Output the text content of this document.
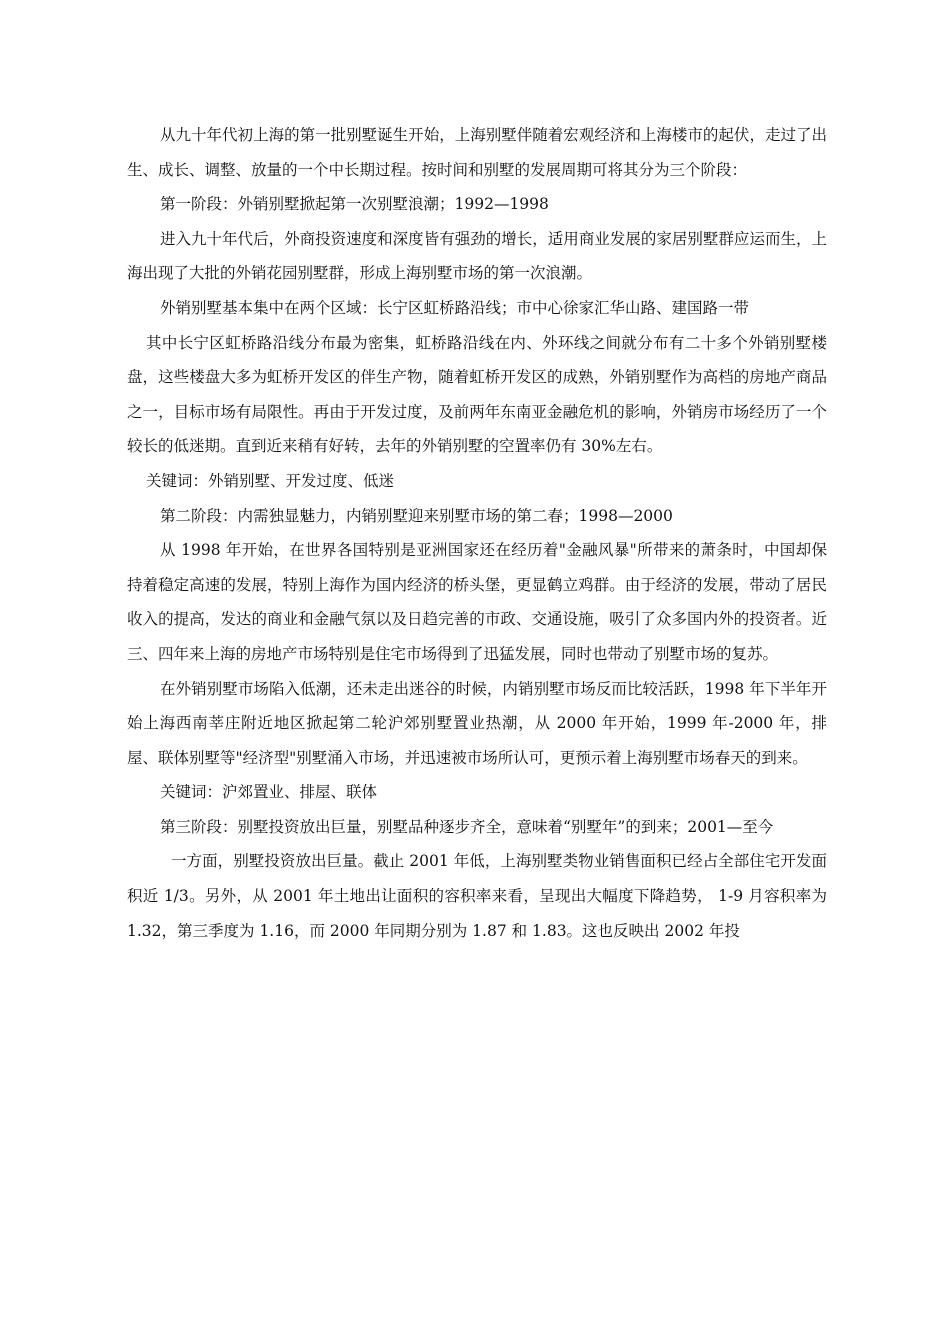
从九十年代初上海的第一批别墅诞生开始，上海别墅伴随着宏观经济和上海楼市的起伏，走过了出生、成长、调整、放量的一个中长期过程。按时间和别墅的发展周期可将其分为三个阶段：

第一阶段：外销别墅掀起第一次别墅浪潮；1992—1998

进入九十年代后，外商投资速度和深度皆有强劲的增长，适用商业发展的家居别墅群应运而生，上海出现了大批的外销花园别墅群，形成上海别墅市场的第一次浪潮。

外销别墅基本集中在两个区域：长宁区虹桥路沿线；市中心徐家汇华山路、建国路一带

其中长宁区虹桥路沿线分布最为密集，虹桥路沿线在内、外环线之间就分布有二十多个外销别墅楼盘，这些楼盘大多为虹桥开发区的伴生产物，随着虹桥开发区的成熟，外销别墅作为高档的房地产商品之一，目标市场有局限性。再由于开发过度，及前两年东南亚金融危机的影响，外销房市场经历了一个较长的低迷期。直到近来稍有好转，去年的外销别墅的空置率仍有 30%左右。

关键词：外销别墅、开发过度、低迷

第二阶段：内需独显魅力，内销别墅迎来别墅市场的第二春；1998—2000

从 1998 年开始，在世界各国特别是亚洲国家还在经历着"金融风暴"所带来的萧条时，中国却保持着稳定高速的发展，特别上海作为国内经济的桥头堡，更显鹤立鸡群。由于经济的发展，带动了居民收入的提高，发达的商业和金融气氛以及日趋完善的市政、交通设施，吸引了众多国内外的投资者。近三、四年来上海的房地产市场特别是住宅市场得到了迅猛发展，同时也带动了别墅市场的复苏。

在外销别墅市场陷入低潮，还未走出迷谷的时候，内销别墅市场反而比较活跃，1998 年下半年开始上海西南莘庄附近地区掀起第二轮沪郊别墅置业热潮，从 2000 年开始，1999 年-2000 年，排屋、联体别墅等"经济型"别墅涌入市场，并迅速被市场所认可，更预示着上海别墅市场春天的到来。

关键词：沪郊置业、排屋、联体

第三阶段：别墅投资放出巨量，别墅品种逐步齐全，意味着“别墅年”的到来；2001—至今

一方面，别墅投资放出巨量。截止 2001 年低，上海别墅类物业销售面积已经占全部住宅开发面积近 1/3。另外，从 2001 年土地出让面积的容积率来看，呈现出大幅度下降趋势， 1-9 月容积率为 1.32，第三季度为 1.16，而 2000 年同期分别为 1.87 和 1.83。这也反映出 2002 年投
